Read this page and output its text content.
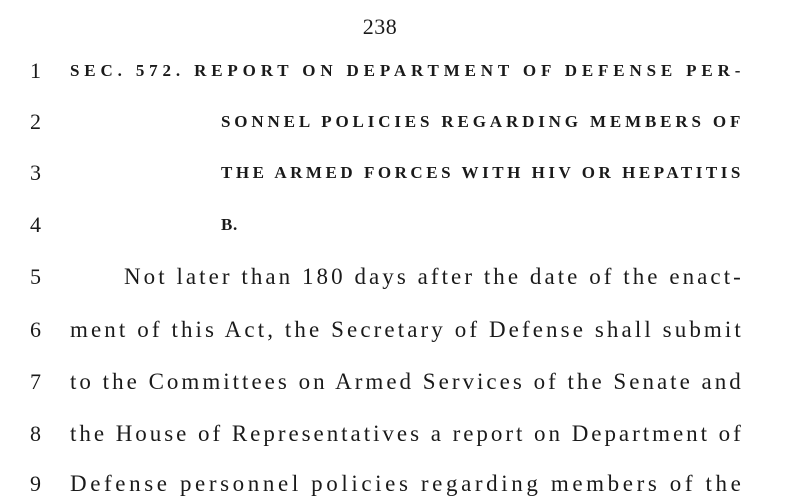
238
1	SEC. 572. REPORT ON DEPARTMENT OF DEFENSE PER-
2	SONNEL POLICIES REGARDING MEMBERS OF
3	THE ARMED FORCES WITH HIV OR HEPATITIS
4	B.
5	Not later than 180 days after the date of the enact-
6	ment of this Act, the Secretary of Defense shall submit
7	to the Committees on Armed Services of the Senate and
8	the House of Representatives a report on Department of
9	Defense personnel policies regarding members of the
